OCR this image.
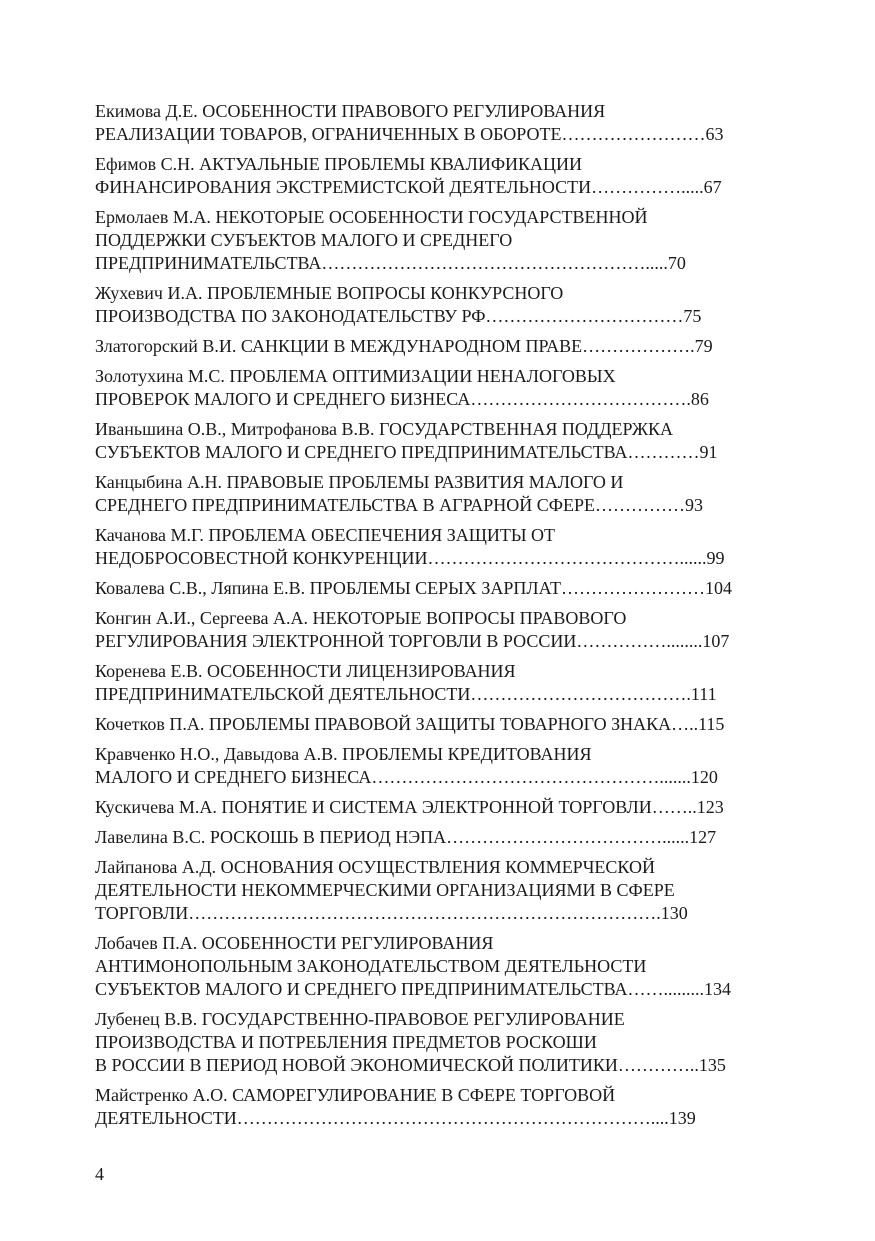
Екимова Д.Е. ОСОБЕННОСТИ ПРАВОВОГО РЕГУЛИРОВАНИЯ
РЕАЛИЗАЦИИ ТОВАРОВ, ОГРАНИЧЕННЫХ В ОБОРОТЕ……………………63
Ефимов С.Н. АКТУАЛЬНЫЕ ПРОБЛЕМЫ КВАЛИФИКАЦИИ
ФИНАНСИРОВАНИЯ ЭКСТРЕМИСТСКОЙ ДЕЯТЕЛЬНОСТИ…………….....67
Ермолаев М.А. НЕКОТОРЫЕ ОСОБЕННОСТИ ГОСУДАРСТВЕННОЙ
ПОДДЕРЖКИ СУБЪЕКТОВ МАЛОГО И СРЕДНЕГО
ПРЕДПРИНИМАТЕЛЬСТВА……………………………………………….....70
Жухевич И.А. ПРОБЛЕМНЫЕ ВОПРОСЫ КОНКУРСНОГО
ПРОИЗВОДСТВА ПО ЗАКОНОДАТЕЛЬСТВУ РФ……………………………75
Златогорский В.И. САНКЦИИ В МЕЖДУНАРОДНОМ ПРАВЕ……………….79
Золотухина М.С. ПРОБЛЕМА ОПТИМИЗАЦИИ НЕНАЛОГОВЫХ
ПРОВЕРОК МАЛОГО И СРЕДНЕГО БИЗНЕСА……………………………….86
Иваньшина О.В., Митрофанова В.В. ГОСУДАРСТВЕННАЯ ПОДДЕРЖКА
СУБЪЕКТОВ МАЛОГО И СРЕДНЕГО ПРЕДПРИНИМАТЕЛЬСТВА…………91
Канцыбина А.Н. ПРАВОВЫЕ ПРОБЛЕМЫ РАЗВИТИЯ МАЛОГО И
СРЕДНЕГО ПРЕДПРИНИМАТЕЛЬСТВА В АГРАРНОЙ СФЕРЕ……………93
Качанова М.Г. ПРОБЛЕМА ОБЕСПЕЧЕНИЯ ЗАЩИТЫ ОТ
НЕДОБРОСОВЕСТНОЙ КОНКУРЕНЦИИ……………………………………......99
Ковалева С.В., Ляпина Е.В. ПРОБЛЕМЫ СЕРЫХ ЗАРПЛАТ……………………104
Конгин А.И., Сергеева А.А. НЕКОТОРЫЕ ВОПРОСЫ ПРАВОВОГО
РЕГУЛИРОВАНИЯ ЭЛЕКТРОННОЙ ТОРГОВЛИ В РОССИИ……………........107
Коренева Е.В. ОСОБЕННОСТИ ЛИЦЕНЗИРОВАНИЯ
ПРЕДПРИНИМАТЕЛЬСКОЙ ДЕЯТЕЛЬНОСТИ……………………………….111
Кочетков П.А. ПРОБЛЕМЫ ПРАВОВОЙ ЗАЩИТЫ ТОВАРНОГО ЗНАКА…..115
Кравченко Н.О., Давыдова А.В. ПРОБЛЕМЫ КРЕДИТОВАНИЯ
МАЛОГО И СРЕДНЕГО БИЗНЕСА………………………………………….......120
Кускичева М.А. ПОНЯТИЕ И СИСТЕМА ЭЛЕКТРОННОЙ ТОРГОВЛИ……..123
Лавелина В.С. РОСКОШЬ В ПЕРИОД НЭПА………………………………......127
Лайпанова А.Д. ОСНОВАНИЯ ОСУЩЕСТВЛЕНИЯ КОММЕРЧЕСКОЙ
ДЕЯТЕЛЬНОСТИ НЕКОММЕРЧЕСКИМИ ОРГАНИЗАЦИЯМИ В СФЕРЕ
ТОРГОВЛИ…………………………………………………………………….130
Лобачев П.А. ОСОБЕННОСТИ РЕГУЛИРОВАНИЯ
АНТИМОНОПОЛЬНЫМ ЗАКОНОДАТЕЛЬСТВОМ ДЕЯТЕЛЬНОСТИ
СУБЪЕКТОВ МАЛОГО И СРЕДНЕГО ПРЕДПРИНИМАТЕЛЬСТВА…….........134
Лубенец В.В. ГОСУДАРСТВЕННО-ПРАВОВОЕ РЕГУЛИРОВАНИЕ
ПРОИЗВОДСТВА И ПОТРЕБЛЕНИЯ ПРЕДМЕТОВ РОСКОШИ
В РОССИИ В ПЕРИОД НОВОЙ ЭКОНОМИЧЕСКОЙ ПОЛИТИКИ…………..135
Майстренко А.О. САМОРЕГУЛИРОВАНИЕ В СФЕРЕ ТОРГОВОЙ
ДЕЯТЕЛЬНОСТИ……………………………………………………………....139
4
